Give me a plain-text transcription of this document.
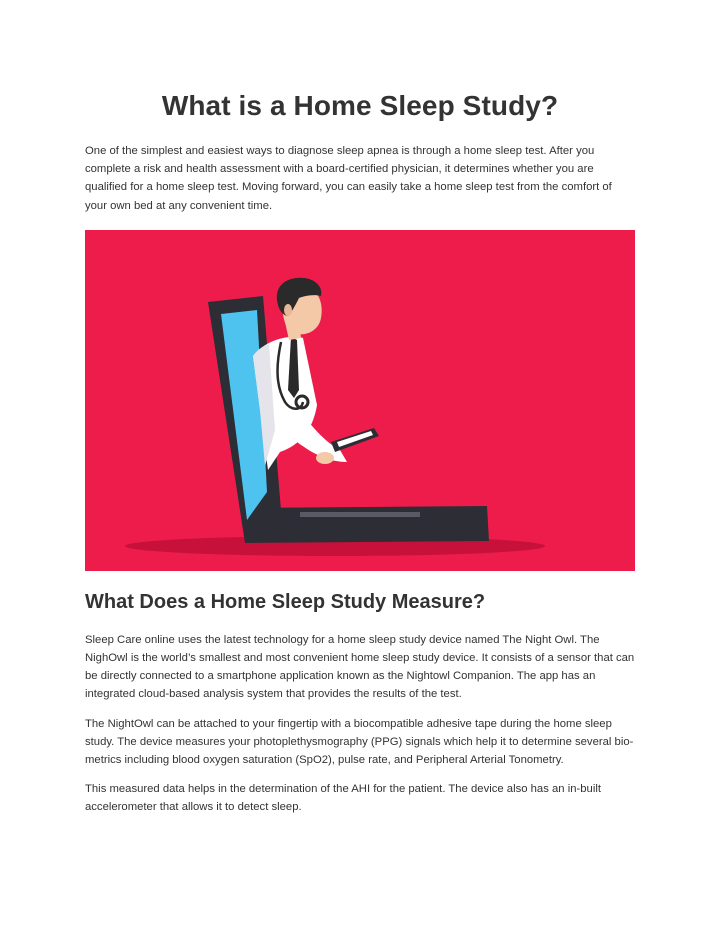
What is a Home Sleep Study?

One of the simplest and easiest ways to diagnose sleep apnea is through a home sleep test. After you complete a risk and health assessment with a board-certified physician, it determines whether you are qualified for a home sleep test. Moving forward, you can easily take a home sleep test from the comfort of your own bed at any convenient time.

What Does a Home Sleep Study Measure?

Sleep Care online uses the latest technology for a home sleep study device named The Night Owl. The NighOwl is the world’s smallest and most convenient home sleep study device. It consists of a sensor that can be directly connected to a smartphone application known as the Nightowl Companion. The app has an integrated cloud-based analysis system that provides the results of the test.

The NightOwl can be attached to your fingertip with a biocompatible adhesive tape during the home sleep study. The device measures your photoplethysmography (PPG) signals which help it to determine several bio-metrics including blood oxygen saturation (SpO2), pulse rate, and Peripheral Arterial Tonometry.

This measured data helps in the determination of the AHI for the patient. The device also has an in-built accelerometer that allows it to detect sleep.
